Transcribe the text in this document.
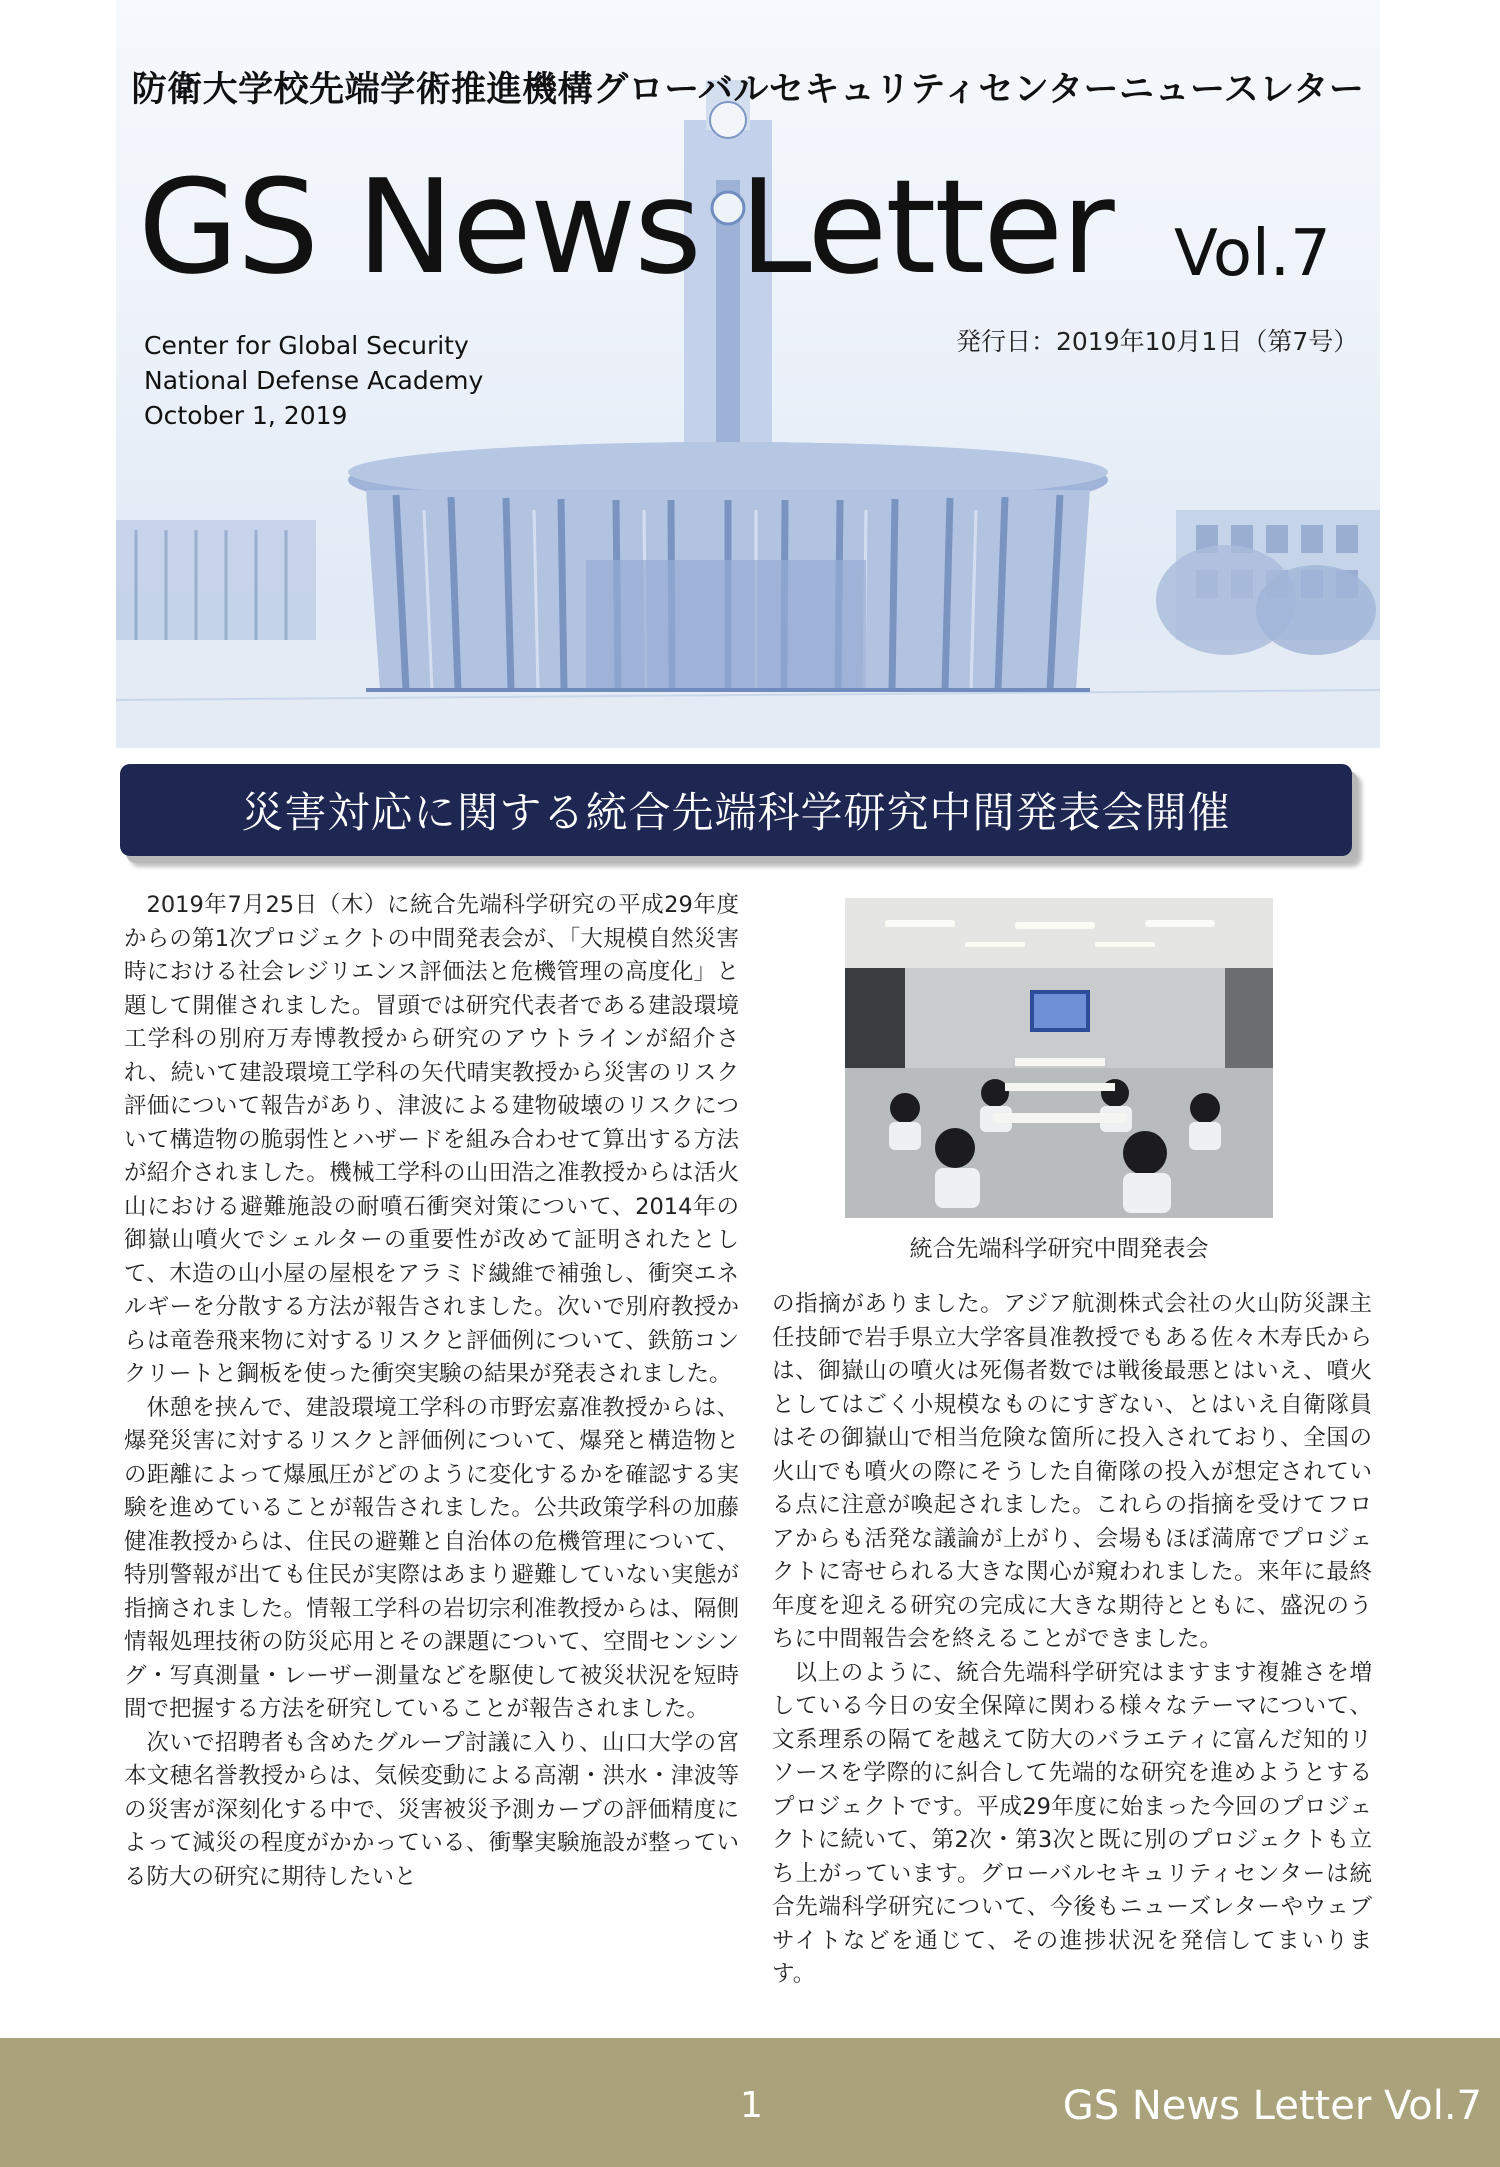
防衛大学校先端学術推進機構グローバルセキュリティセンターニュースレター
GS News Letter Vol.7
発行日：2019年10月1日（第7号）
Center for Global Security
National Defense Academy
October 1, 2019
災害対応に関する統合先端科学研究中間発表会開催

2019年7月25日（木）に統合先端科学研究の平成29年度からの第1次プロジェクトの中間発表会が、「大規模自然災害時における社会レジリエンス評価法と危機管理の高度化」と題して開催されました。冒頭では研究代表者である建設環境工学科の別府万寿博教授から研究のアウトラインが紹介され、続いて建設環境工学科の矢代晴実教授から災害のリスク評価について報告があり、津波による建物破壊のリスクについて構造物の脆弱性とハザードを組み合わせて算出する方法が紹介されました。機械工学科の山田浩之准教授からは活火山における避難施設の耐噴石衝突対策について、2014年の御嶽山噴火でシェルターの重要性が改めて証明されたとして、木造の山小屋の屋根をアラミド繊維で補強し、衝突エネルギーを分散する方法が報告されました。次いで別府教授からは竜巻飛来物に対するリスクと評価例について、鉄筋コンクリートと鋼板を使った衝突実験の結果が発表されました。

休憩を挟んで、建設環境工学科の市野宏嘉准教授からは、爆発災害に対するリスクと評価例について、爆発と構造物との距離によって爆風圧がどのように変化するかを確認する実験を進めていることが報告されました。公共政策学科の加藤健准教授からは、住民の避難と自治体の危機管理について、特別警報が出ても住民が実際はあまり避難していない実態が指摘されました。情報工学科の岩切宗利准教授からは、隔側情報処理技術の防災応用とその課題について、空間センシング・写真測量・レーザー測量などを駆使して被災状況を短時間で把握する方法を研究していることが報告されました。

次いで招聘者も含めたグループ討議に入り、山口大学の宮本文穂名誉教授からは、気候変動による高潮・洪水・津波等の災害が深刻化する中で、災害被災予測カーブの評価精度によって減災の程度がかかっている、衝撃実験施設が整っている防大の研究に期待したいと

統合先端科学研究中間発表会

の指摘がありました。アジア航測株式会社の火山防災課主任技師で岩手県立大学客員准教授でもある佐々木寿氏からは、御嶽山の噴火は死傷者数では戦後最悪とはいえ、噴火としてはごく小規模なものにすぎない、とはいえ自衛隊員はその御嶽山で相当危険な箇所に投入されており、全国の火山でも噴火の際にそうした自衛隊の投入が想定されている点に注意が喚起されました。これらの指摘を受けてフロアからも活発な議論が上がり、会場もほぼ満席でプロジェクトに寄せられる大きな関心が窺われました。来年に最終年度を迎える研究の完成に大きな期待とともに、盛況のうちに中間報告会を終えることができました。

以上のように、統合先端科学研究はますます複雑さを増している今日の安全保障に関わる様々なテーマについて、文系理系の隔てを越えて防大のバラエティに富んだ知的リソースを学際的に糾合して先端的な研究を進めようとするプロジェクトです。平成29年度に始まった今回のプロジェクトに続いて、第2次・第3次と既に別のプロジェクトも立ち上がっています。グローバルセキュリティセンターは統合先端科学研究について、今後もニューズレターやウェブサイトなどを通じて、その進捗状況を発信してまいります。

1	GS News Letter Vol.7
